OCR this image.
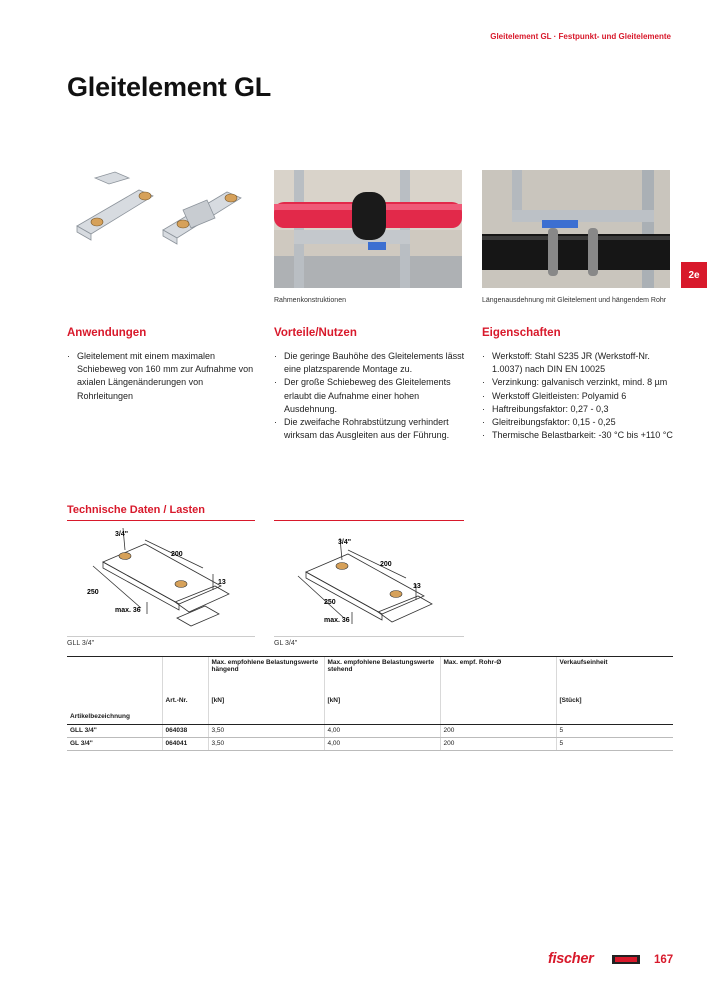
Gleitelement GL · Festpunkt- und Gleitelemente
Gleitelement GL
Rahmenkonstruktionen	Längenausdehnung mit Gleitelement und hängendem Rohr
2e
Anwendungen	Vorteile/Nutzen	Eigenschaften
· Gleitelement mit einem maximalen Schiebeweg von 160 mm zur Aufnahme von axialen Längenänderungen von Rohrleitungen
· Die geringe Bauhöhe des Gleitelements lässt eine platzsparende Montage zu.
· Der große Schiebeweg des Gleitelements erlaubt die Aufnahme einer hohen Ausdehnung.
· Die zweifache Rohrabstützung verhindert wirksam das Ausgleiten aus der Führung.
· Werkstoff: Stahl S235 JR (Werkstoff-Nr. 1.0037) nach DIN EN 10025
· Verzinkung: galvanisch verzinkt, mind. 8 µm
· Werkstoff Gleitleisten: Polyamid 6
· Haftreibungsfaktor: 0,27 - 0,3
· Gleitreibungsfaktor: 0,15 - 0,25
· Thermische Belastbarkeit: -30 °C bis +110 °C
Technische Daten / Lasten
3/4"
200
250
13
max. 36
3/4"
200
250
13
max. 36
GLL 3/4"	GL 3/4"
		Max. empfohlene Belastungswerte hängend	Max. empfohlene Belastungswerte stehend	Max. empf. Rohr-Ø	Verkaufseinheit
	Art.-Nr.	[kN]	[kN]		[Stück]
Artikelbezeichnung					
GLL 3/4"	064038	3,50	4,00	200	5
GL 3/4"	064041	3,50	4,00	200	5
fischer	167
